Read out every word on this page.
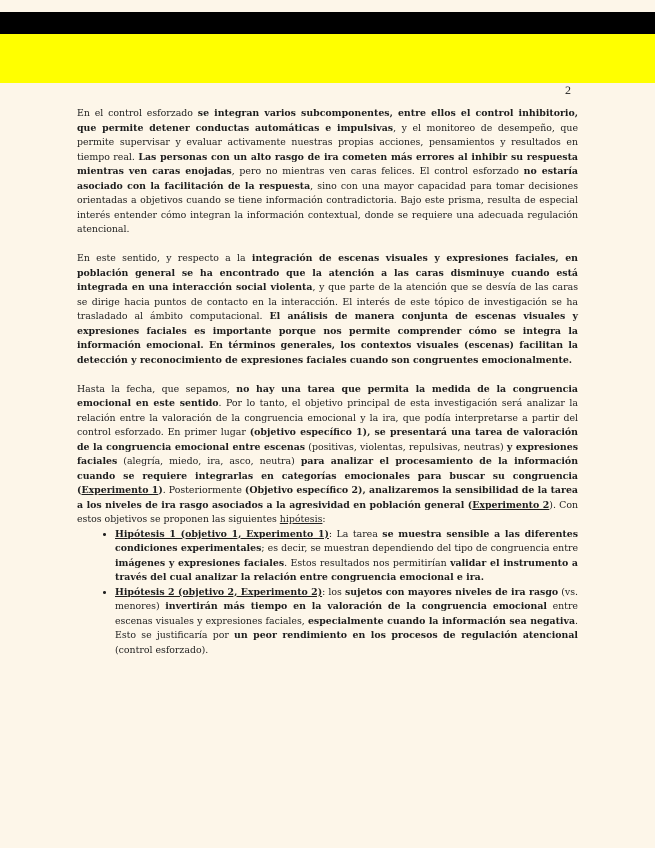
2

En el control esforzado se integran varios subcomponentes, entre ellos el control inhibitorio, que permite detener conductas automáticas e impulsivas, y el monitoreo de desempeño, que permite supervisar y evaluar activamente nuestras propias acciones, pensamientos y resultados en tiempo real. Las personas con un alto rasgo de ira cometen más errores al inhibir su respuesta mientras ven caras enojadas, pero no mientras ven caras felices. El control esforzado no estaría asociado con la facilitación de la respuesta, sino con una mayor capacidad para tomar decisiones orientadas a objetivos cuando se tiene información contradictoria. Bajo este prisma, resulta de especial interés entender cómo integran la información contextual, donde se requiere una adecuada regulación atencional.

En este sentido, y respecto a la integración de escenas visuales y expresiones faciales, en población general se ha encontrado que la atención a las caras disminuye cuando está integrada en una interacción social violenta, y que parte de la atención que se desvía de las caras se dirige hacia puntos de contacto en la interacción. El interés de este tópico de investigación se ha trasladado al ámbito computacional. El análisis de manera conjunta de escenas visuales y expresiones faciales es importante porque nos permite comprender cómo se integra la información emocional. En términos generales, los contextos visuales (escenas) facilitan la detección y reconocimiento de expresiones faciales cuando son congruentes emocionalmente.

Hasta la fecha, que sepamos, no hay una tarea que permita la medida de la congruencia emocional en este sentido. Por lo tanto, el objetivo principal de esta investigación será analizar la relación entre la valoración de la congruencia emocional y la ira, que podía interpretarse a partir del control esforzado. En primer lugar (objetivo específico 1), se presentará una tarea de valoración de la congruencia emocional entre escenas (positivas, violentas, repulsivas, neutras) y expresiones faciales (alegría, miedo, ira, asco, neutra) para analizar el procesamiento de la información cuando se requiere integrarlas en categorías emocionales para buscar su congruencia (Experimento 1). Posteriormente (Objetivo específico 2), analizaremos la sensibilidad de la tarea a los niveles de ira rasgo asociados a la agresividad en población general (Experimento 2). Con estos objetivos se proponen las siguientes hipótesis:

• Hipótesis 1 (objetivo 1, Experimento 1): La tarea se muestra sensible a las diferentes condiciones experimentales; es decir, se muestran dependiendo del tipo de congruencia entre imágenes y expresiones faciales. Estos resultados nos permitirían validar el instrumento a través del cual analizar la relación entre congruencia emocional e ira.
• Hipótesis 2 (objetivo 2, Experimento 2): los sujetos con mayores niveles de ira rasgo (vs. menores) invertirán más tiempo en la valoración de la congruencia emocional entre escenas visuales y expresiones faciales, especialmente cuando la información sea negativa. Esto se justificaría por un peor rendimiento en los procesos de regulación atencional (control esforzado).
